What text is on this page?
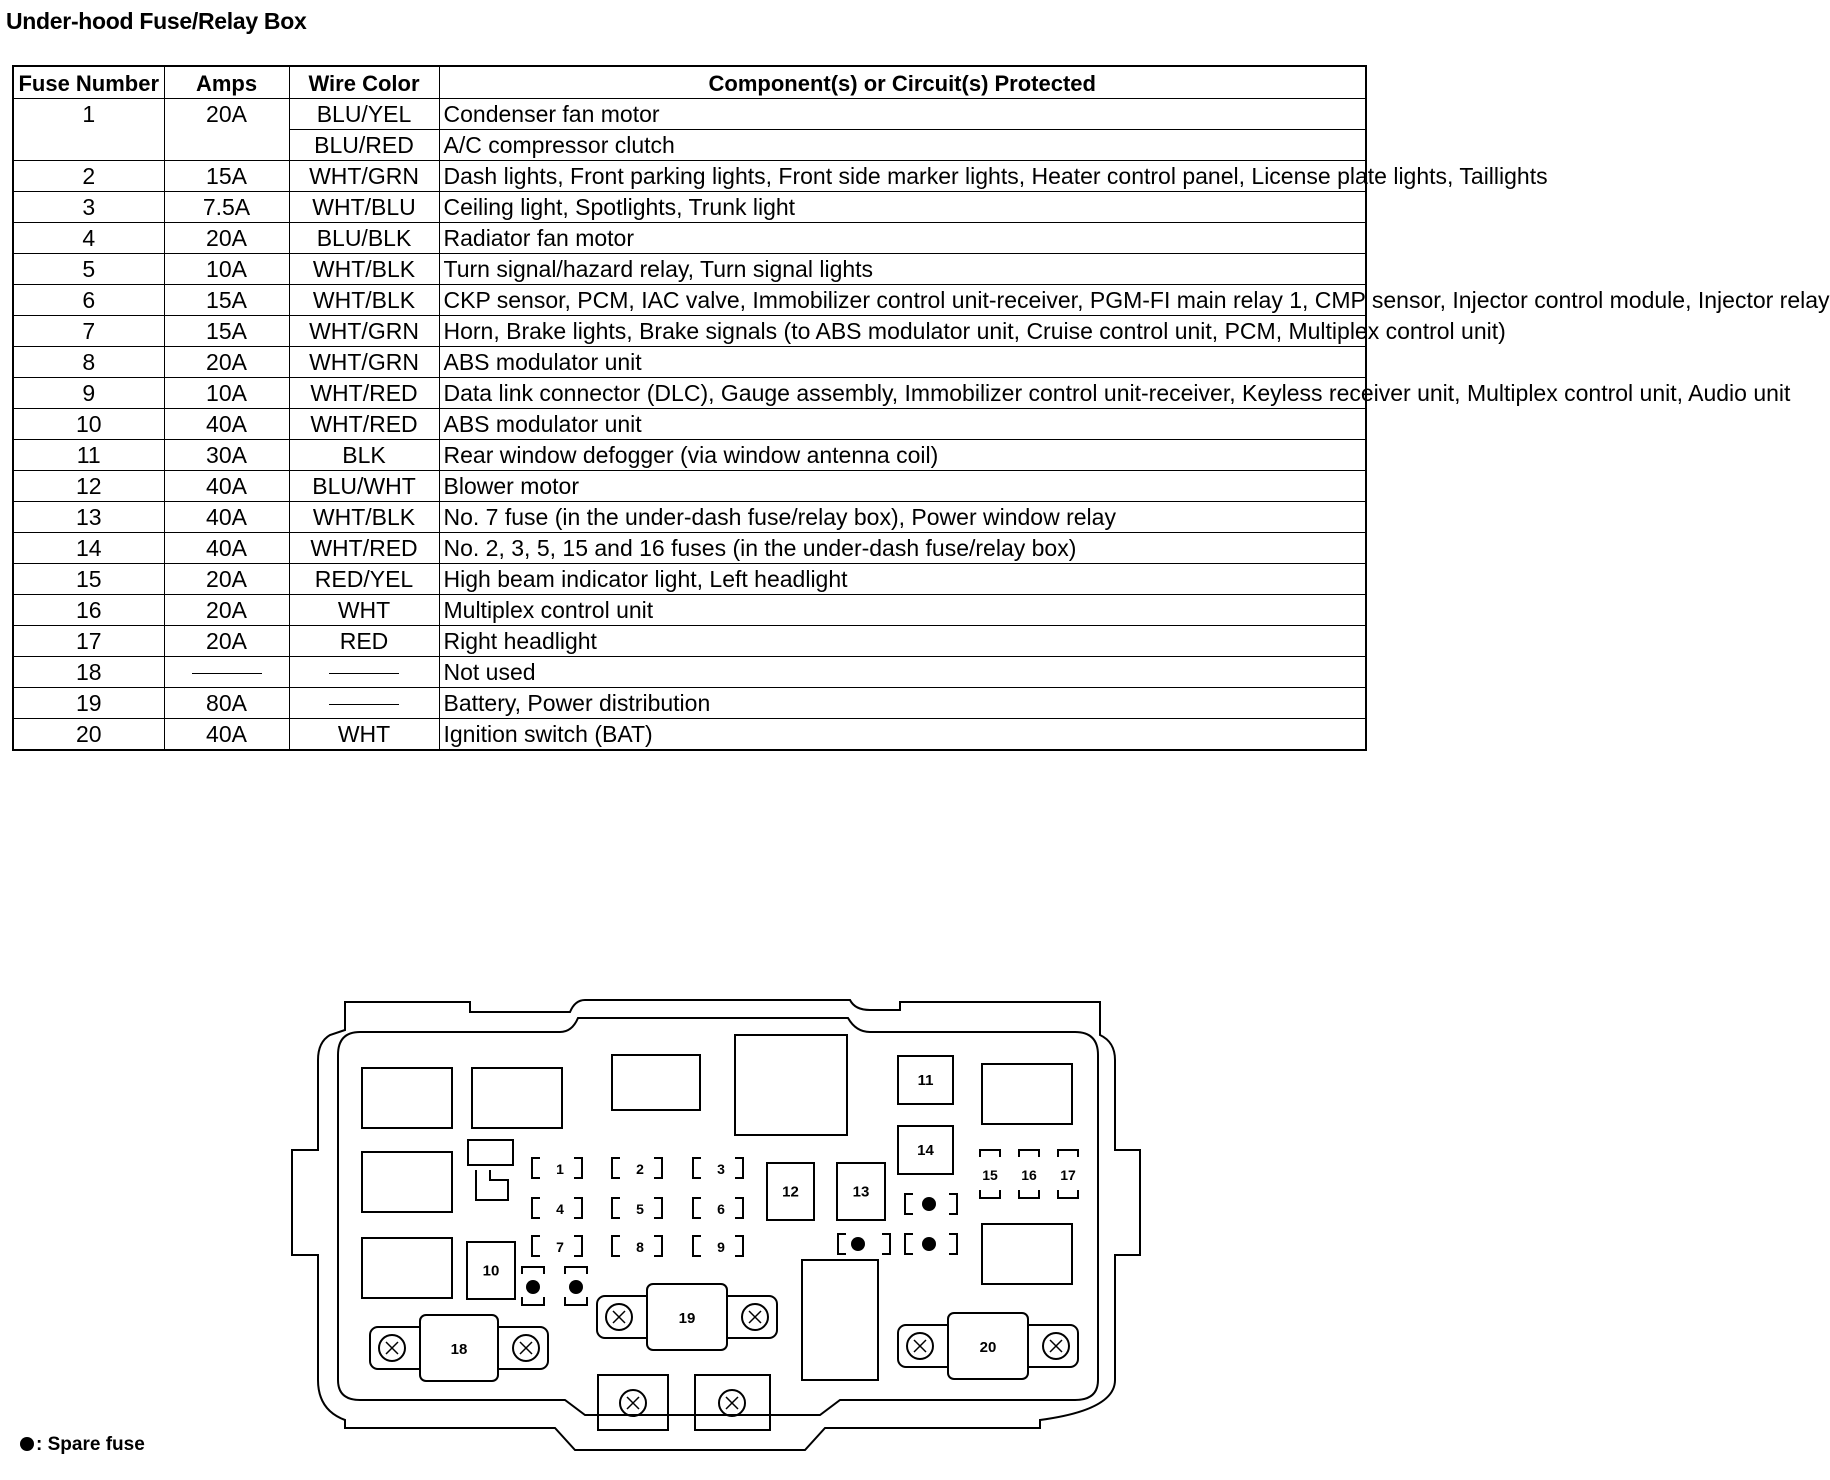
Under-hood Fuse/Relay Box
Fuse Number	Amps	Wire Color	Component(s) or Circuit(s) Protected
1	20A	BLU/YEL	Condenser fan motor
		BLU/RED	A/C compressor clutch
2	15A	WHT/GRN	Dash lights, Front parking lights, Front side marker lights, Heater control panel, License plate lights, Taillights
3	7.5A	WHT/BLU	Ceiling light, Spotlights, Trunk light
4	20A	BLU/BLK	Radiator fan motor
5	10A	WHT/BLK	Turn signal/hazard relay, Turn signal lights
6	15A	WHT/BLK	CKP sensor, PCM, IAC valve, Immobilizer control unit-receiver, PGM-FI main relay 1, CMP sensor, Injector control module, Injector relay
7	15A	WHT/GRN	Horn, Brake lights, Brake signals (to ABS modulator unit, Cruise control unit, PCM, Multiplex control unit)
8	20A	WHT/GRN	ABS modulator unit
9	10A	WHT/RED	Data link connector (DLC), Gauge assembly, Immobilizer control unit-receiver, Keyless receiver unit, Multiplex control unit, Audio unit
10	40A	WHT/RED	ABS modulator unit
11	30A	BLK	Rear window defogger (via window antenna coil)
12	40A	BLU/WHT	Blower motor
13	40A	WHT/BLK	No. 7 fuse (in the under-dash fuse/relay box), Power window relay
14	40A	WHT/RED	No. 2, 3, 5, 15 and 16 fuses (in the under-dash fuse/relay box)
15	20A	RED/YEL	High beam indicator light, Left headlight
16	20A	WHT	Multiplex control unit
17	20A	RED	Right headlight
18			Not used
19	80A		Battery, Power distribution
20	40A	WHT	Ignition switch (BAT)
1	2	3
4	5	6
7	8	9
15 16 17
10
11
12	13
14
18
19
20
: Spare fuse
